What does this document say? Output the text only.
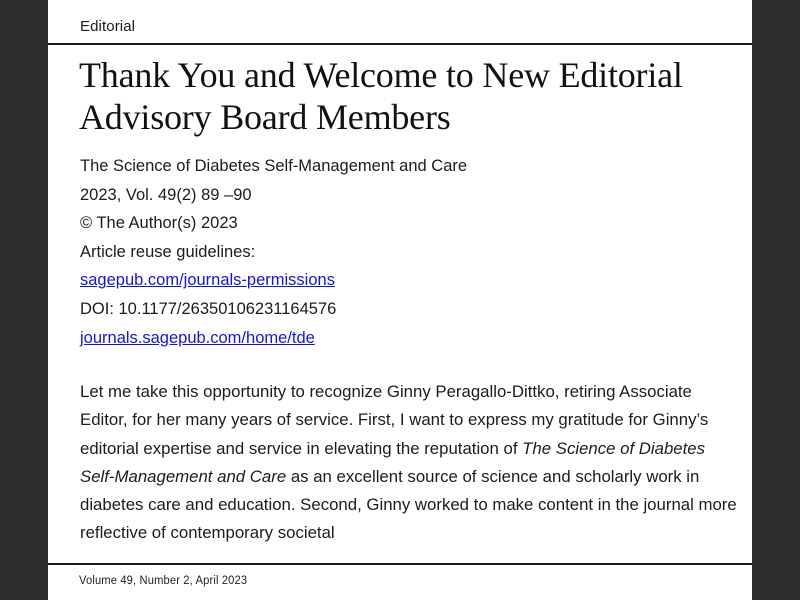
Editorial
Thank You and Welcome to New Editorial Advisory Board Members
The Science of Diabetes Self-Management and Care
2023, Vol. 49(2) 89 –90
© The Author(s) 2023
Article reuse guidelines:
sagepub.com/journals-permissions
DOI: 10.1177/26350106231164576
journals.sagepub.com/home/tde

Let me take this opportunity to recognize Ginny Peragallo-Dittko, retiring Associate Editor, for her many years of service. First, I want to express my gratitude for Ginny’s editorial expertise and service in elevating the reputation of The Science of Diabetes Self-Management and Care as an excellent source of science and scholarly work in diabetes care and education. Second, Ginny worked to make content in the journal more reflective of contemporary societal

Volume 49, Number 2, April 2023
